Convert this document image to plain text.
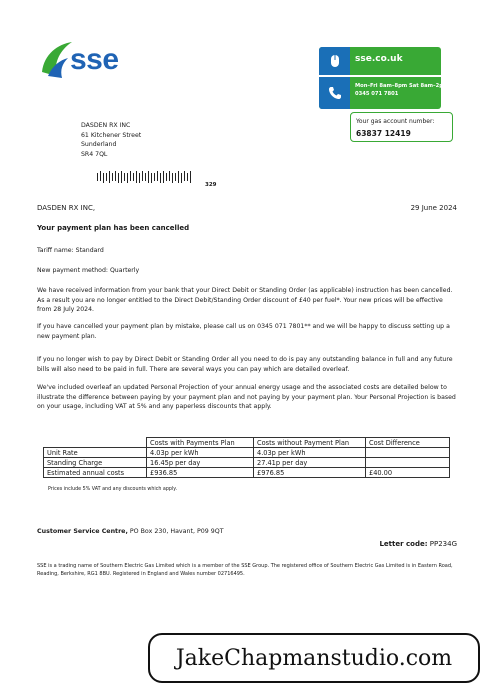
sse	sse.co.uk
Mon–Fri 8am–8pm Sat 8am–2pm
0345 071 7801
Your gas account number:
63837 12419
DASDEN RX INC
61 Kitchener Street
Sunderland
SR4 7QL
329
DASDEN RX INC,	29 June 2024
Your payment plan has been cancelled
Tariff name: Standard
New payment method: Quarterly
We have received information from your bank that your Direct Debit or Standing Order (as applicable) instruction has been cancelled. As a result you are no longer entitled to the Direct Debit/Standing Order discount of £40 per fuel*. Your new prices will be effective from 28 July 2024.
If you have cancelled your payment plan by mistake, please call us on 0345 071 7801** and we will be happy to discuss setting up a new payment plan.
If you no longer wish to pay by Direct Debit or Standing Order all you need to do is pay any outstanding balance in full and any future bills will also need to be paid in full. There are several ways you can pay which are detailed overleaf.
We've included overleaf an updated Personal Projection of your annual energy usage and the associated costs are detailed below to illustrate the difference between paying by your payment plan and not paying by your payment plan. Your Personal Projection is based on your usage, including VAT at 5% and any paperless discounts that apply.
	Costs with Payments Plan	Costs without Payment Plan	Cost Difference
Unit Rate	4.03p per kWh	4.03p per kWh	
Standing Charge	16.45p per day	27.41p per day	
Estimated annual costs	£936.85	£976.85	£40.00
Prices include 5% VAT and any discounts which apply.
Customer Service Centre, PO Box 230, Havant, P09 9QT
Letter code: PP234G
SSE is a trading name of Southern Electric Gas Limited which is a member of the SSE Group. The registered office of Southern Electric Gas Limited is in Eastern Road, Reading, Berkshire, RG1 8BU. Registered in England and Wales number 02716495.
JakeChapmanstudio.com
